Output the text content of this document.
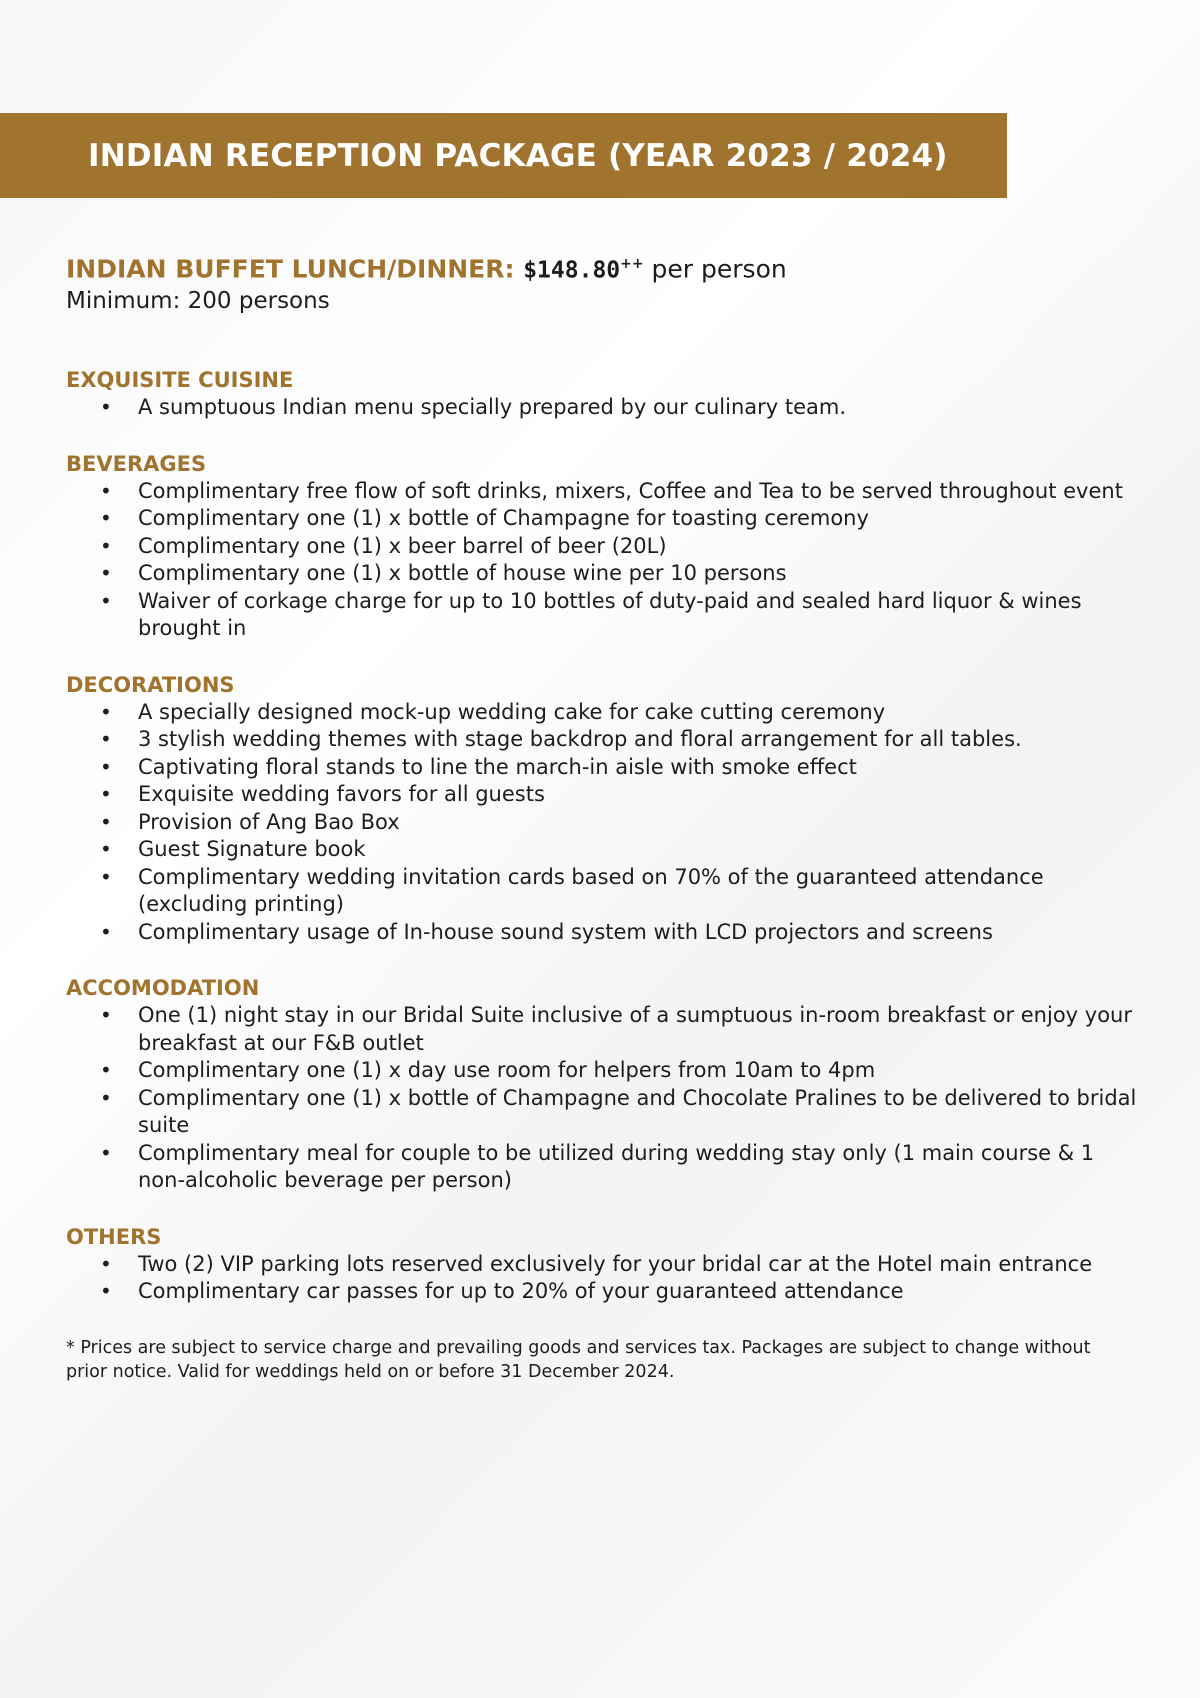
INDIAN RECEPTION PACKAGE (YEAR 2023 / 2024)
INDIAN BUFFET LUNCH/DINNER: $148.80++ per person
Minimum: 200 persons
EXQUISITE CUISINE
• A sumptuous Indian menu specially prepared by our culinary team.
BEVERAGES
• Complimentary free flow of soft drinks, mixers, Coffee and Tea to be served throughout event
• Complimentary one (1) x bottle of Champagne for toasting ceremony
• Complimentary one (1) x beer barrel of beer (20L)
• Complimentary one (1) x bottle of house wine per 10 persons
• Waiver of corkage charge for up to 10 bottles of duty-paid and sealed hard liquor & wines brought in
DECORATIONS
• A specially designed mock-up wedding cake for cake cutting ceremony
• 3 stylish wedding themes with stage backdrop and floral arrangement for all tables.
• Captivating floral stands to line the march-in aisle with smoke effect
• Exquisite wedding favors for all guests
• Provision of Ang Bao Box
• Guest Signature book
• Complimentary wedding invitation cards based on 70% of the guaranteed attendance (excluding printing)
• Complimentary usage of In-house sound system with LCD projectors and screens
ACCOMODATION
• One (1) night stay in our Bridal Suite inclusive of a sumptuous in-room breakfast or enjoy your breakfast at our F&B outlet
• Complimentary one (1) x day use room for helpers from 10am to 4pm
• Complimentary one (1) x bottle of Champagne and Chocolate Pralines to be delivered to bridal suite
• Complimentary meal for couple to be utilized during wedding stay only (1 main course & 1 non-alcoholic beverage per person)
OTHERS
• Two (2) VIP parking lots reserved exclusively for your bridal car at the Hotel main entrance
• Complimentary car passes for up to 20% of your guaranteed attendance
* Prices are subject to service charge and prevailing goods and services tax. Packages are subject to change without prior notice. Valid for weddings held on or before 31 December 2024.
